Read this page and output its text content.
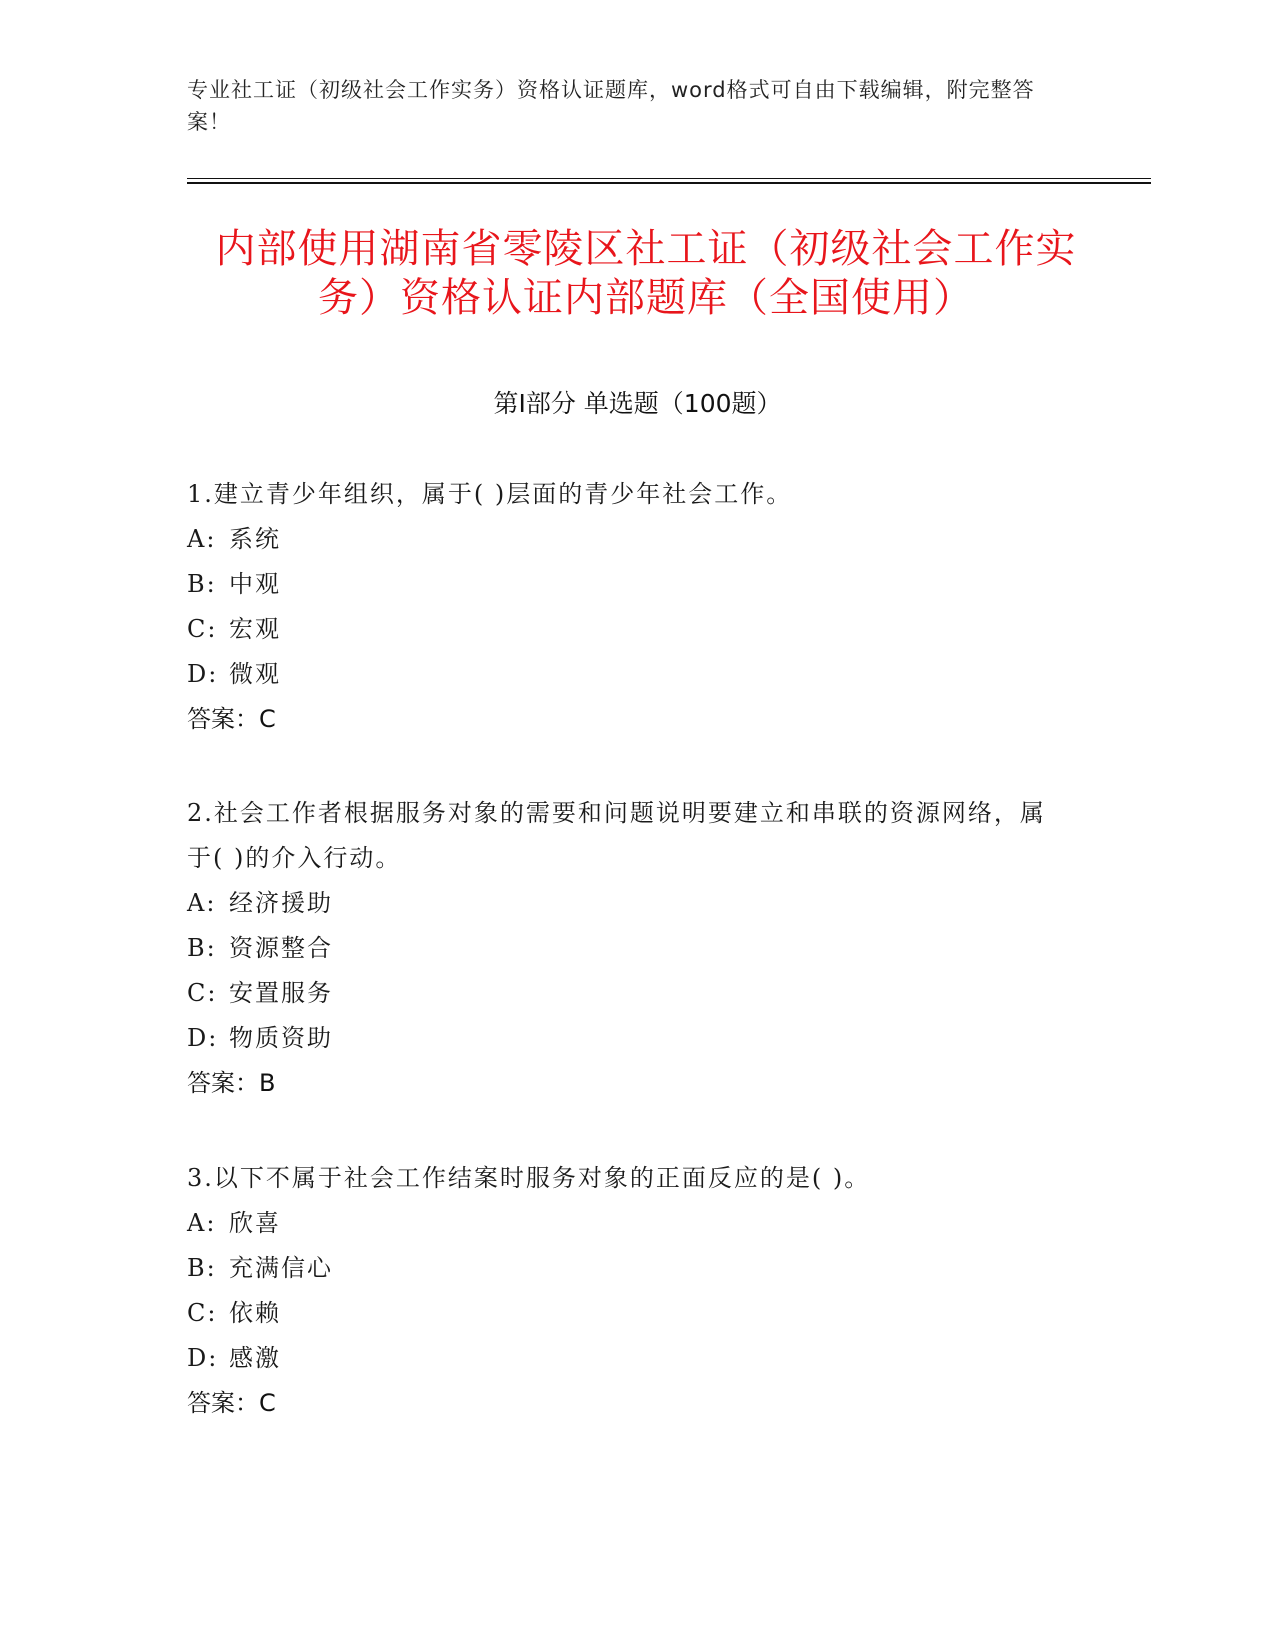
专业社工证（初级社会工作实务）资格认证题库，word格式可自由下载编辑，附完整答案！
内部使用湖南省零陵区社工证（初级社会工作实务）资格认证内部题库（全国使用）
第I部分 单选题（100题）
1.建立青少年组织，属于( )层面的青少年社会工作。
A: 系统
B: 中观
C: 宏观
D: 微观
答案：C
2.社会工作者根据服务对象的需要和问题说明要建立和串联的资源网络，属于( )的介入行动。
A: 经济援助
B: 资源整合
C: 安置服务
D: 物质资助
答案：B
3.以下不属于社会工作结案时服务对象的正面反应的是( )。
A: 欣喜
B: 充满信心
C: 依赖
D: 感激
答案：C
